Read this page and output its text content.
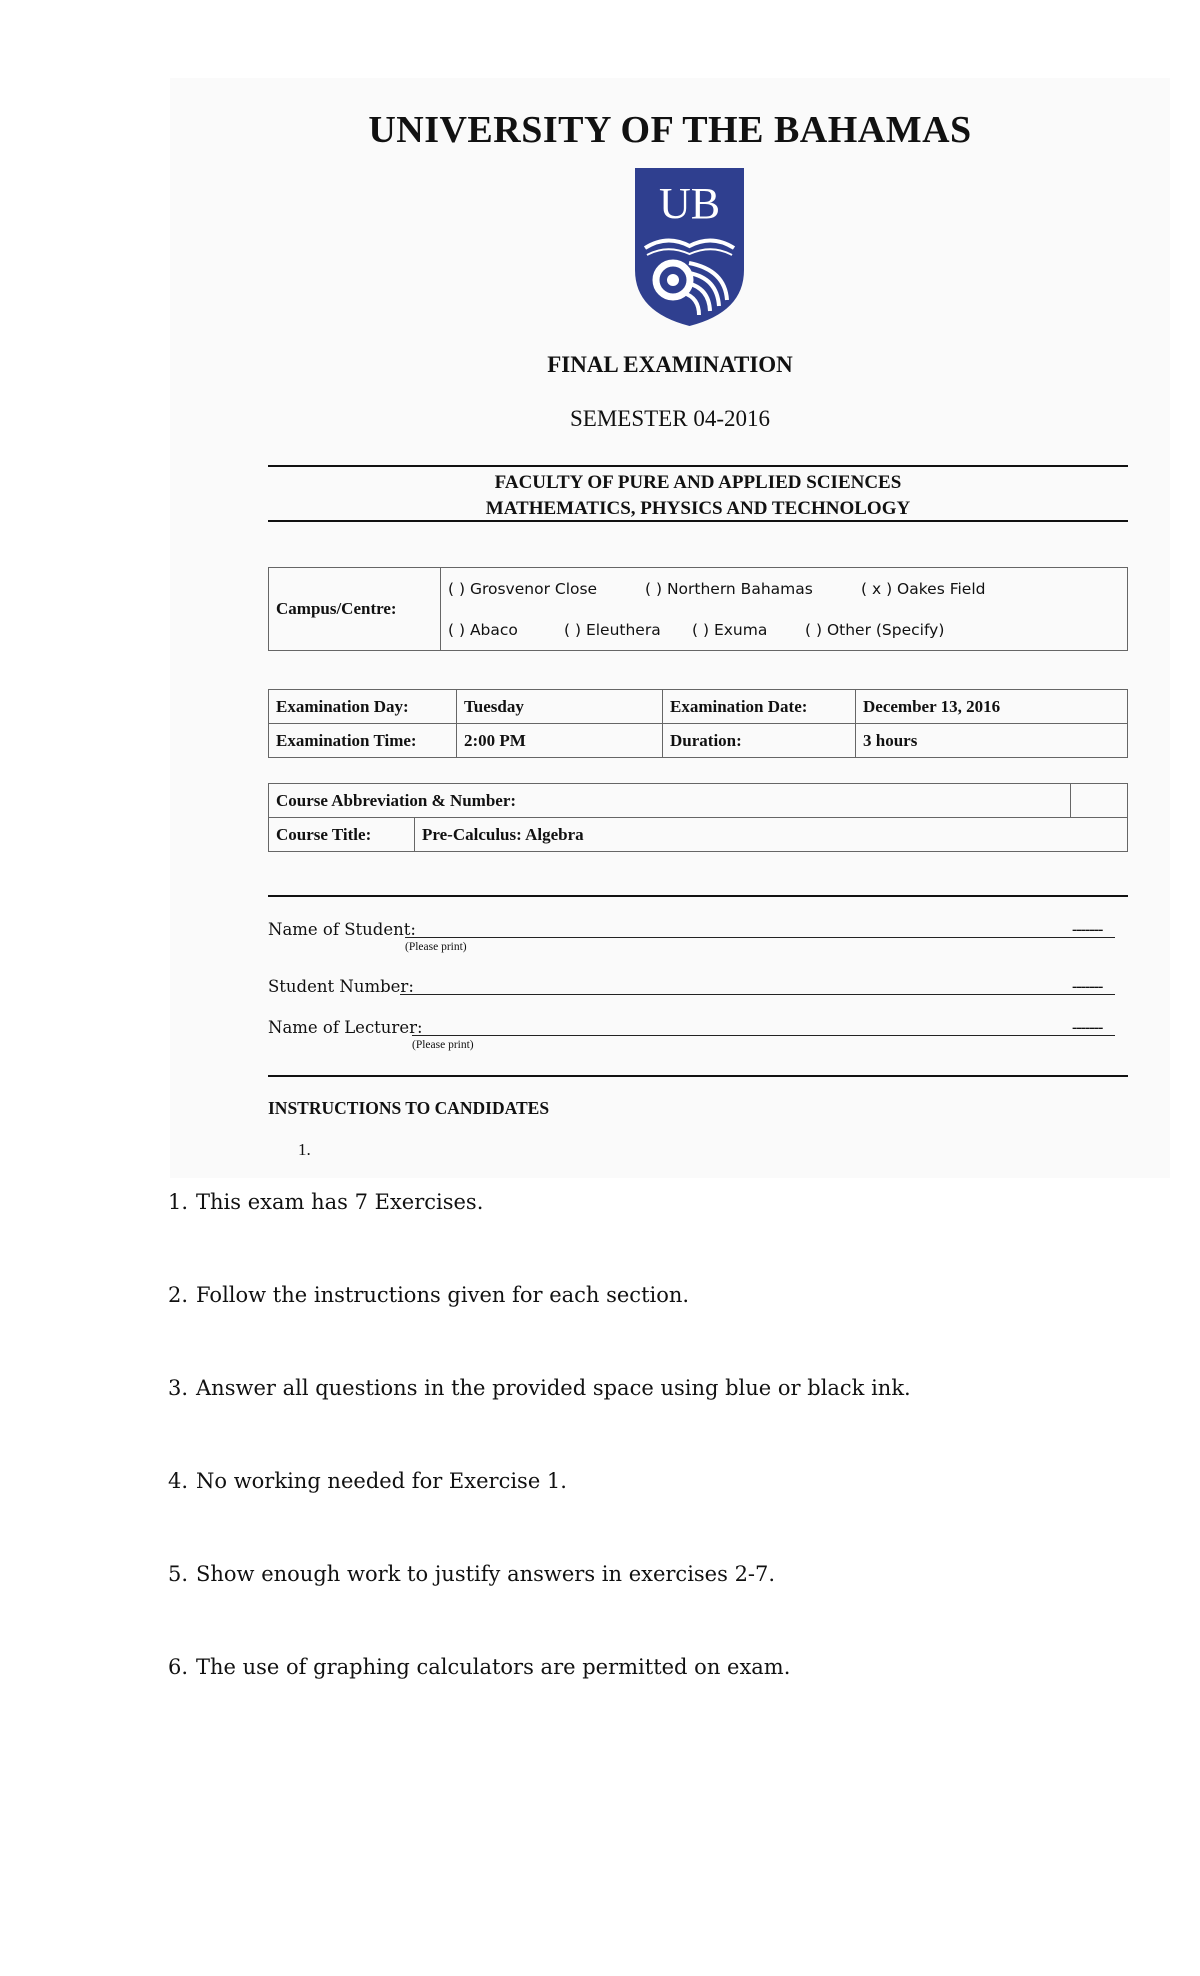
UNIVERSITY OF THE BAHAMAS
UB
FINAL EXAMINATION
SEMESTER 04-2016
FACULTY OF PURE AND APPLIED SCIENCES
MATHEMATICS, PHYSICS AND TECHNOLOGY
Campus/Centre:	
( ) Grosvenor Close	( ) Northern Bahamas	( x ) Oakes Field
( ) Abaco	( ) Eleuthera	( ) Exuma	( ) Other (Specify)
Examination Day:	Tuesday	Examination Date:	December 13, 2016
Examination Time:	2:00 PM	Duration:	3 hours
Course Abbreviation & Number:		
Course Title:	Pre-Calculus: Algebra	
Name of Student:	-------
(Please print)
Student Number:	-------
Name of Lecturer:	-------
(Please print)
INSTRUCTIONS TO CANDIDATES
1.
1. This exam has 7 Exercises.
2. Follow the instructions given for each section.
3. Answer all questions in the provided space using blue or black ink.
4. No working needed for Exercise 1.
5. Show enough work to justify answers in exercises 2-7.
6. The use of graphing calculators are permitted on exam.
